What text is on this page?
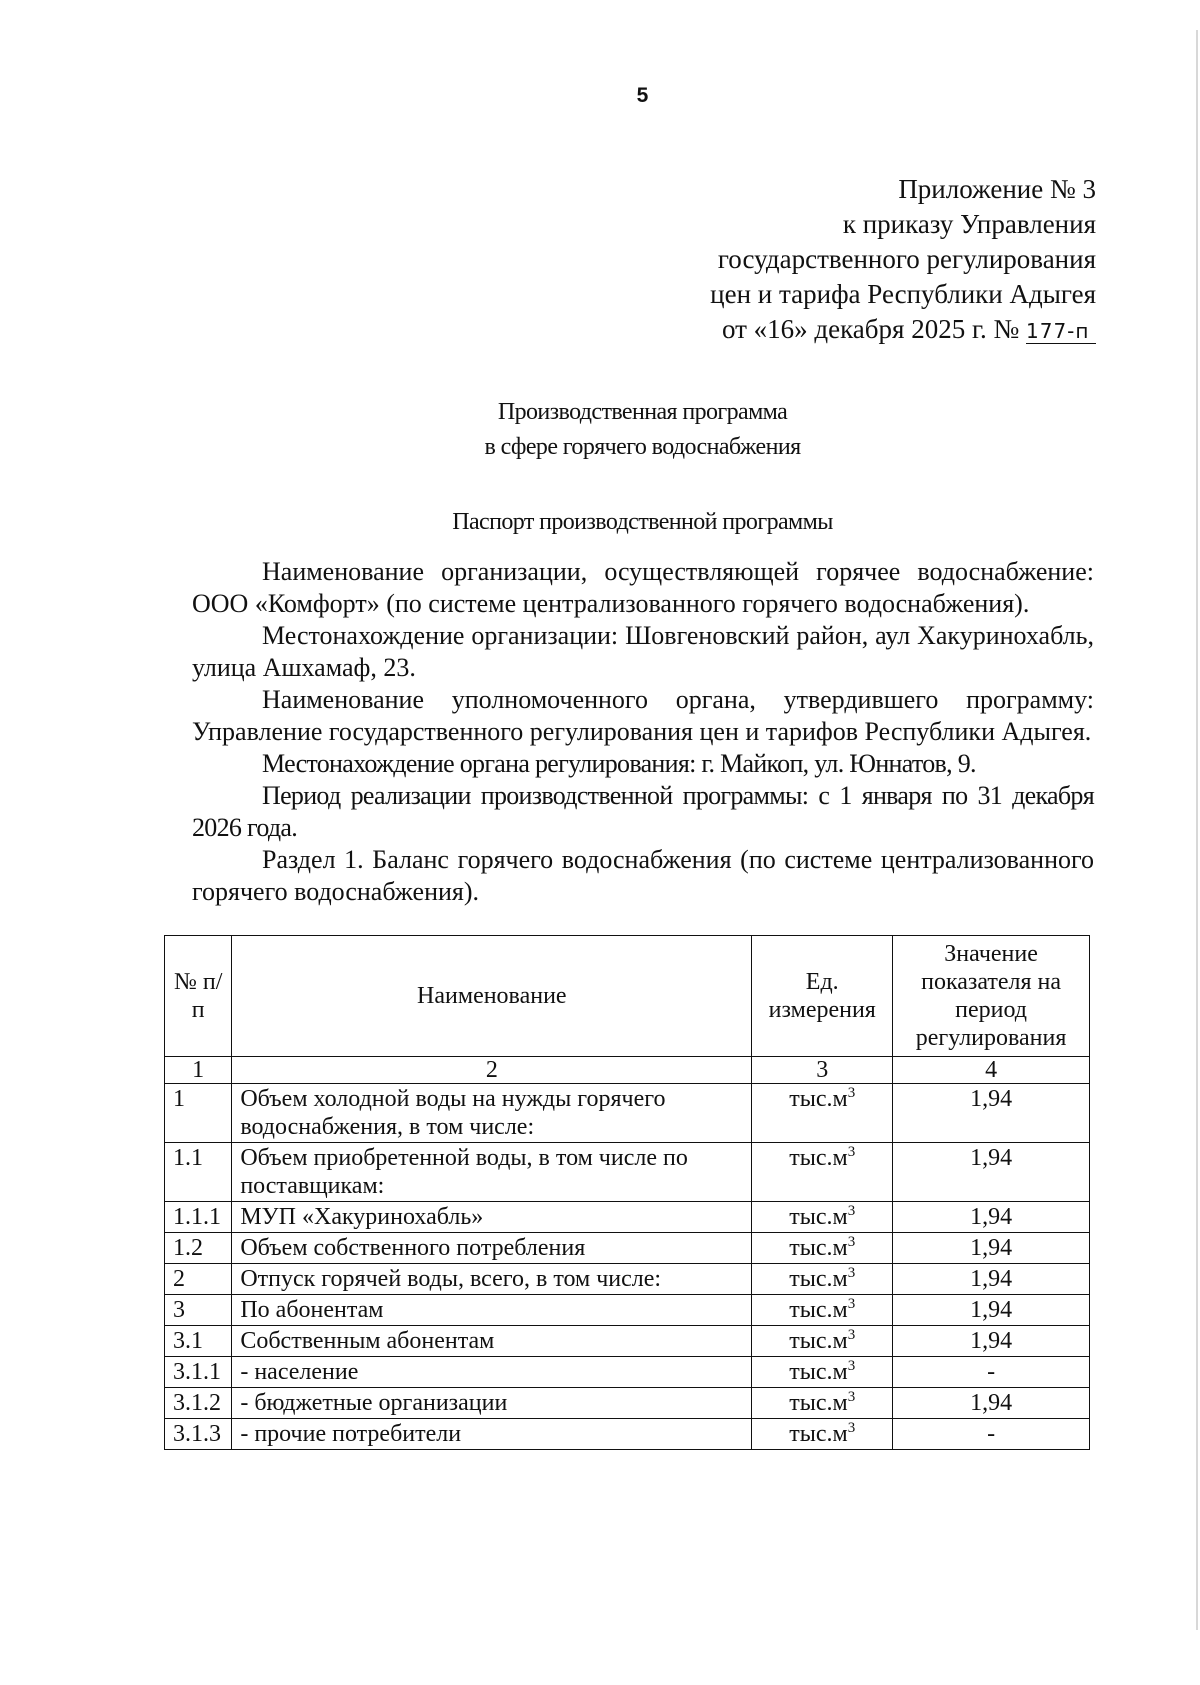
5
Приложение № 3
к приказу Управления
государственного регулирования
цен и тарифа Республики Адыгея
от «16» декабря 2025 г. № 177-п
Производственная программа
в сфере горячего водоснабжения
Паспорт производственной программы

Наименование организации, осуществляющей горячее водоснабжение: ООО «Комфорт» (по системе централизованного горячего водоснабжения).

Местонахождение организации: Шовгеновский район, аул Хакуринохабль, улица Ашхамаф, 23.

Наименование уполномоченного органа, утвердившего программу: Управление государственного регулирования цен и тарифов Республики Адыгея.

Местонахождение органа регулирования: г. Майкоп, ул. Юннатов, 9.

Период реализации производственной программы: с 1 января по 31 декабря 2026 года.

Раздел 1. Баланс горячего водоснабжения (по системе централизованного горячего водоснабжения).

№ п/п	Наименование	Ед. измерения	Значение показателя на период регулирования
1	2	3	4
1	Объем холодной воды на нужды горячего водоснабжения, в том числе:	$тыс.м^3$	1,94
1.1	Объем приобретенной воды, в том числе по поставщикам:	$тыс.м^3$	1,94
1.1.1	МУП «Хакуринохабль»	$тыс.м^3$	1,94
1.2	Объем собственного потребления	$тыс.м^3$	1,94
2	Отпуск горячей воды, всего, в том числе:	$тыс.м^3$	1,94
3	По абонентам	$тыс.м^3$	1,94
3.1	Собственным абонентам	$тыс.м^3$	1,94
3.1.1	- население	$тыс.м^3$	-
3.1.2	- бюджетные организации	$тыс.м^3$	1,94
3.1.3	- прочие потребители	$тыс.м^3$	-
